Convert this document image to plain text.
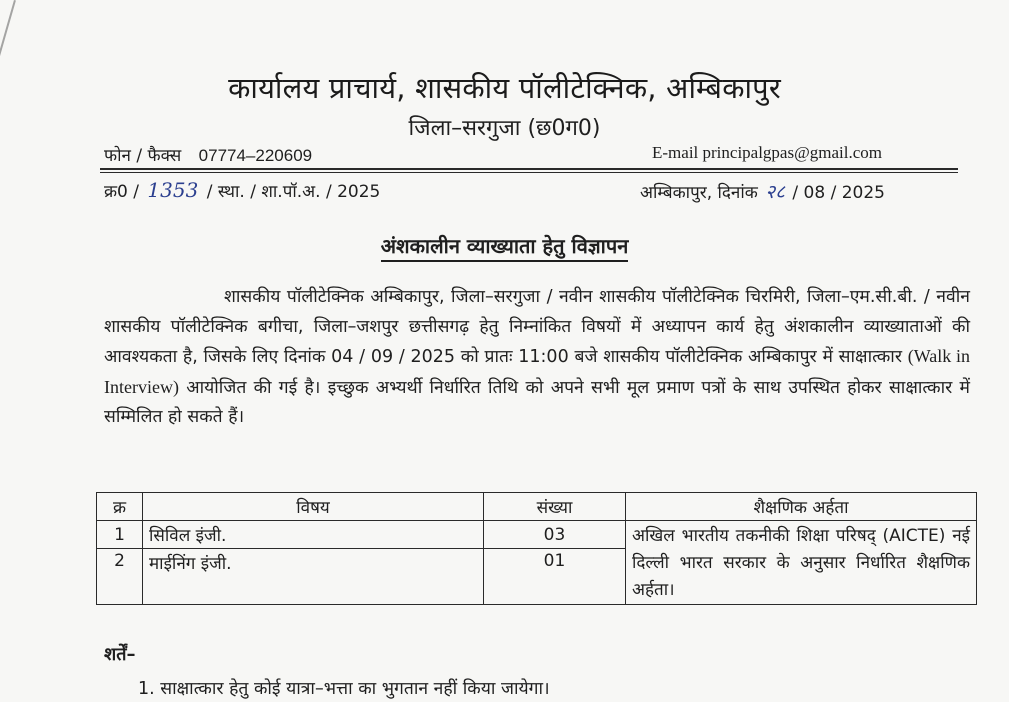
कार्यालय प्राचार्य, शासकीय पॉलीटेक्निक, अम्बिकापुर
जिला–सरगुजा (छ0ग0)
फोन / फैक्स 07774–220609	E-mail principalgpas@gmail.com
क्र0 / 1353 / स्था. / शा.पॉ.अ. / 2025	अम्बिकापुर, दिनांक २८ / 08 / 2025
अंशकालीन व्याख्याता हेतु विज्ञापन
शासकीय पॉलीटेक्निक अम्बिकापुर, जिला–सरगुजा / नवीन शासकीय पॉलीटेक्निक चिरमिरी, जिला–एम.सी.बी. / नवीन शासकीय पॉलीटेक्निक बगीचा, जिला–जशपुर छत्तीसगढ़ हेतु निम्नांकित विषयों में अध्यापन कार्य हेतु अंशकालीन व्याख्याताओं की आवश्यकता है, जिसके लिए दिनांक 04 / 09 / 2025 को प्रातः 11:00 बजे शासकीय पॉलीटेक्निक अम्बिकापुर में साक्षात्कार (Walk in Interview) आयोजित की गई है। इच्छुक अभ्यर्थी निर्धारित तिथि को अपने सभी मूल प्रमाण पत्रों के साथ उपस्थित होकर साक्षात्कार में सम्मिलित हो सकते हैं।
क्र	विषय	संख्या	शैक्षणिक अर्हता
1	सिविल इंजी.	03	अखिल भारतीय तकनीकी शिक्षा परिषद् (AICTE) नई दिल्ली भारत सरकार के अनुसार निर्धारित शैक्षणिक अर्हता।
2	माईनिंग इंजी.	01	
शर्तें–
1. साक्षात्कार हेतु कोई यात्रा–भत्ता का भुगतान नहीं किया जायेगा।
